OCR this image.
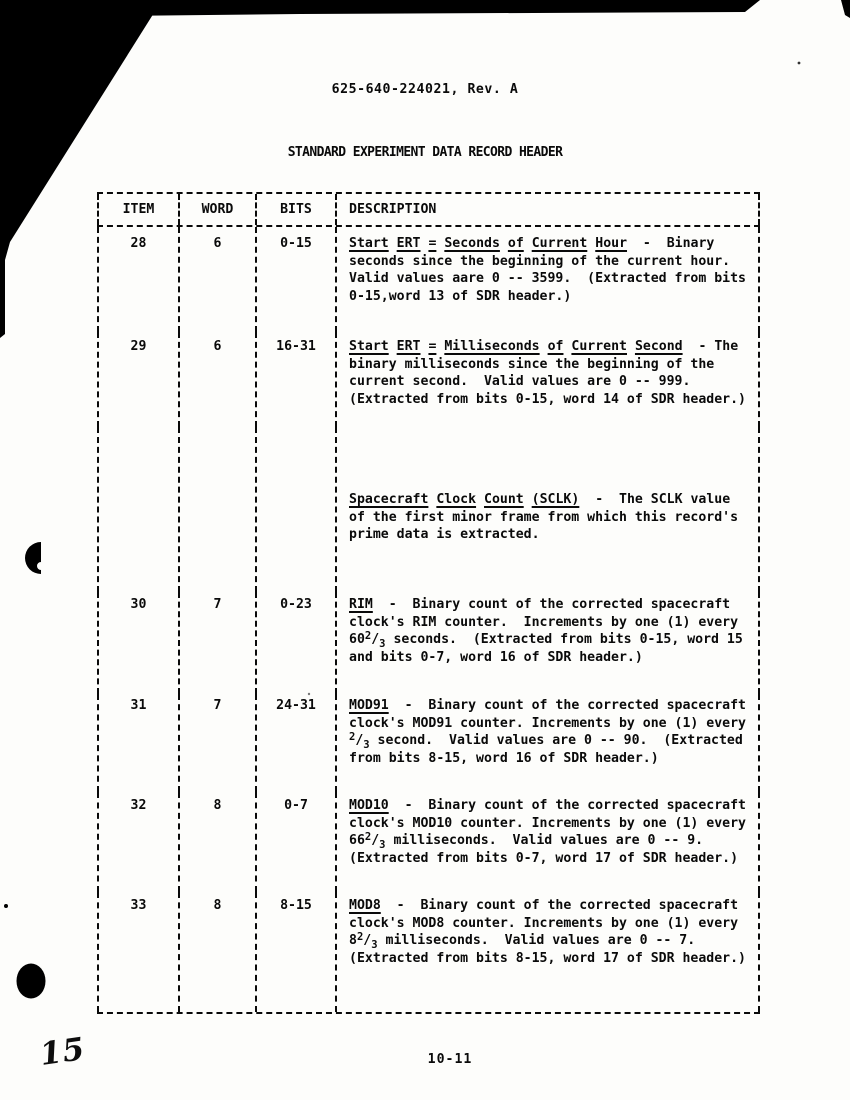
625-640-224021, Rev. A
STANDARD EXPERIMENT DATA RECORD HEADER
ITEM	WORD	BITS	DESCRIPTION
28	6	0-15	Start ERT = Seconds of Current Hour  -  Binary
seconds since the beginning of the current hour.
Valid values aare 0 -- 3599.  (Extracted from bits
0-15,word 13 of SDR header.)
29	6	16-31	Start ERT = Milliseconds of Current Second  - The
binary milliseconds since the beginning of the
current second.  Valid values are 0 -- 999.
(Extracted from bits 0-15, word 14 of SDR header.)
Spacecraft Clock Count (SCLK)  -  The SCLK value
of the first minor frame from which this record's
prime data is extracted.
30	7	0-23	RIM  -  Binary count of the corrected spacecraft
clock's RIM counter.  Increments by one (1) every
$60^2/_3$ seconds.  (Extracted from bits 0-15, word 15
and bits 0-7, word 16 of SDR header.)
31	7	24-31	MOD91  -  Binary count of the corrected spacecraft
clock's MOD91 counter. Increments by one (1) every
$^2/_3$ second.  Valid values are 0 -- 90.  (Extracted
from bits 8-15, word 16 of SDR header.)
32	8	0-7	MOD10  -  Binary count of the corrected spacecraft
clock's MOD10 counter. Increments by one (1) every
$66^2/_3$ milliseconds.  Valid values are 0 -- 9.
(Extracted from bits 0-7, word 17 of SDR header.)
33	8	8-15	MOD8  -  Binary count of the corrected spacecraft
clock's MOD8 counter. Increments by one (1) every
$8^2/_3$ milliseconds.  Valid values are 0 -- 7.
(Extracted from bits 8-15, word 17 of SDR header.)
10-11
15
